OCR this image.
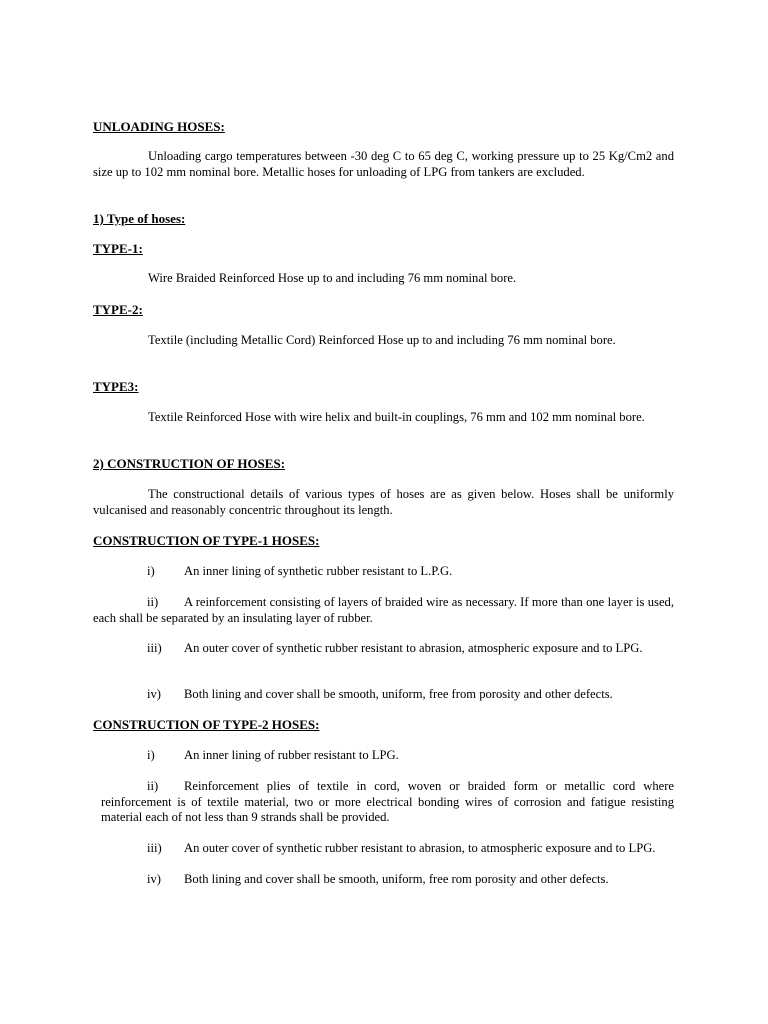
UNLOADING HOSES:

Unloading cargo temperatures between -30 deg C to 65 deg C, working pressure up to 25 Kg/Cm2 and size up to 102 mm nominal bore. Metallic hoses for unloading of LPG from tankers are excluded.

1) Type of hoses:

TYPE-1:

Wire Braided Reinforced Hose up to and including 76 mm nominal bore.

TYPE-2:

Textile (including Metallic Cord) Reinforced Hose up to and including 76 mm nominal bore.

TYPE3:

Textile Reinforced Hose with wire helix and built-in couplings, 76 mm and 102 mm nominal bore.

2) CONSTRUCTION OF HOSES:

The constructional details of various types of hoses are as given below. Hoses shall be uniformly vulcanised and reasonably concentric throughout its length.

CONSTRUCTION OF TYPE-1 HOSES:

i) An inner lining of synthetic rubber resistant to L.P.G.

ii) A reinforcement consisting of layers of braided wire as necessary. If more than one layer is used, each shall be separated by an insulating layer of rubber.

iii) An outer cover of synthetic rubber resistant to abrasion, atmospheric exposure and to LPG.

iv) Both lining and cover shall be smooth, uniform, free from porosity and other defects.

CONSTRUCTION OF TYPE-2 HOSES:

i) An inner lining of rubber resistant to LPG.

ii) Reinforcement plies of textile in cord, woven or braided form or metallic cord where reinforcement is of textile material, two or more electrical bonding wires of corrosion and fatigue resisting material each of not less than 9 strands shall be provided.

iii) An outer cover of synthetic rubber resistant to abrasion, to atmospheric exposure and to LPG.

iv) Both lining and cover shall be smooth, uniform, free rom porosity and other defects.
